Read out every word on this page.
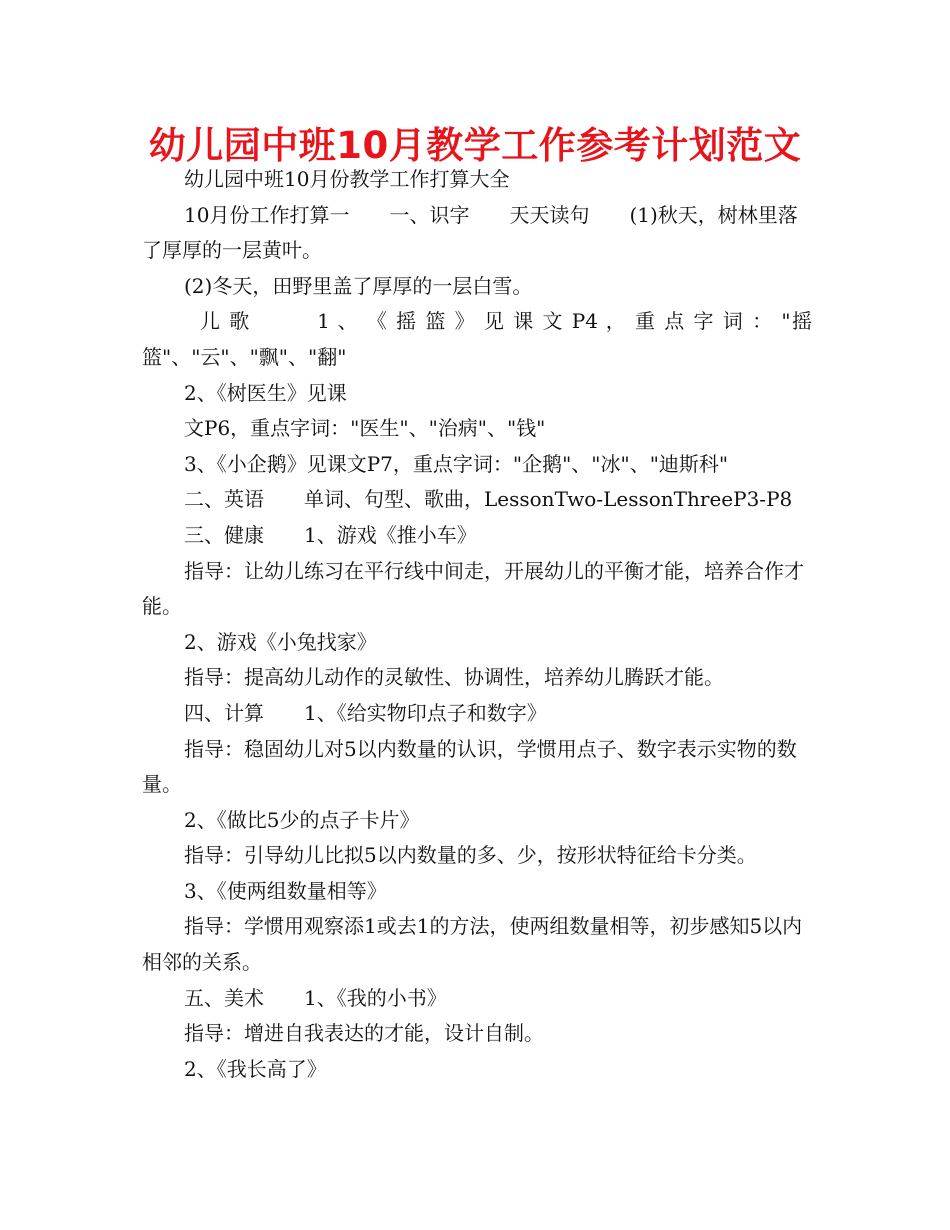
幼儿园中班10月教学工作参考计划范文

幼儿园中班10月份教学工作打算大全

10月份工作打算一　　一、识字　　天天读句　　(1)秋天，树林里落了厚厚的一层黄叶。

(2)冬天，田野里盖了厚厚的一层白雪。

儿 歌 　 　 1 、 《 摇 篮 》 见 课 文 P4 ， 重 点 字 词 ： "摇篮"、"云"、"飘"、"翻"

2、《树医生》见课

文P6，重点字词："医生"、"治病"、"钱"

3、《小企鹅》见课文P7，重点字词："企鹅"、"冰"、"迪斯科"

二、英语　　单词、句型、歌曲，LessonTwo-LessonThreeP3-P8

三、健康　　1、游戏《推小车》

指导：让幼儿练习在平行线中间走，开展幼儿的平衡才能，培养合作才能。

2、游戏《小兔找家》

指导：提高幼儿动作的灵敏性、协调性，培养幼儿腾跃才能。

四、计算　　1、《给实物印点子和数字》

指导：稳固幼儿对5以内数量的认识，学惯用点子、数字表示实物的数量。

2、《做比5少的点子卡片》

指导：引导幼儿比拟5以内数量的多、少，按形状特征给卡分类。

3、《使两组数量相等》

指导：学惯用观察添1或去1的方法，使两组数量相等，初步感知5以内相邻的关系。

五、美术　　1、《我的小书》

指导：增进自我表达的才能，设计自制。

2、《我长高了》
